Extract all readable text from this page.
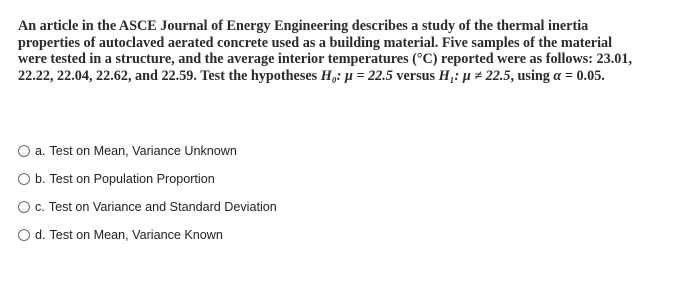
An article in the ASCE Journal of Energy Engineering describes a study of the thermal inertia properties of autoclaved aerated concrete used as a building material. Five samples of the material were tested in a structure, and the average interior temperatures (°C) reported were as follows: 23.01, 22.22, 22.04, 22.62, and 22.59. Test the hypotheses H₀: μ = 22.5 versus H₁: μ ≠ 22.5, using α = 0.05.
a. Test on Mean, Variance Unknown
b. Test on Population Proportion
c. Test on Variance and Standard Deviation
d. Test on Mean, Variance Known
